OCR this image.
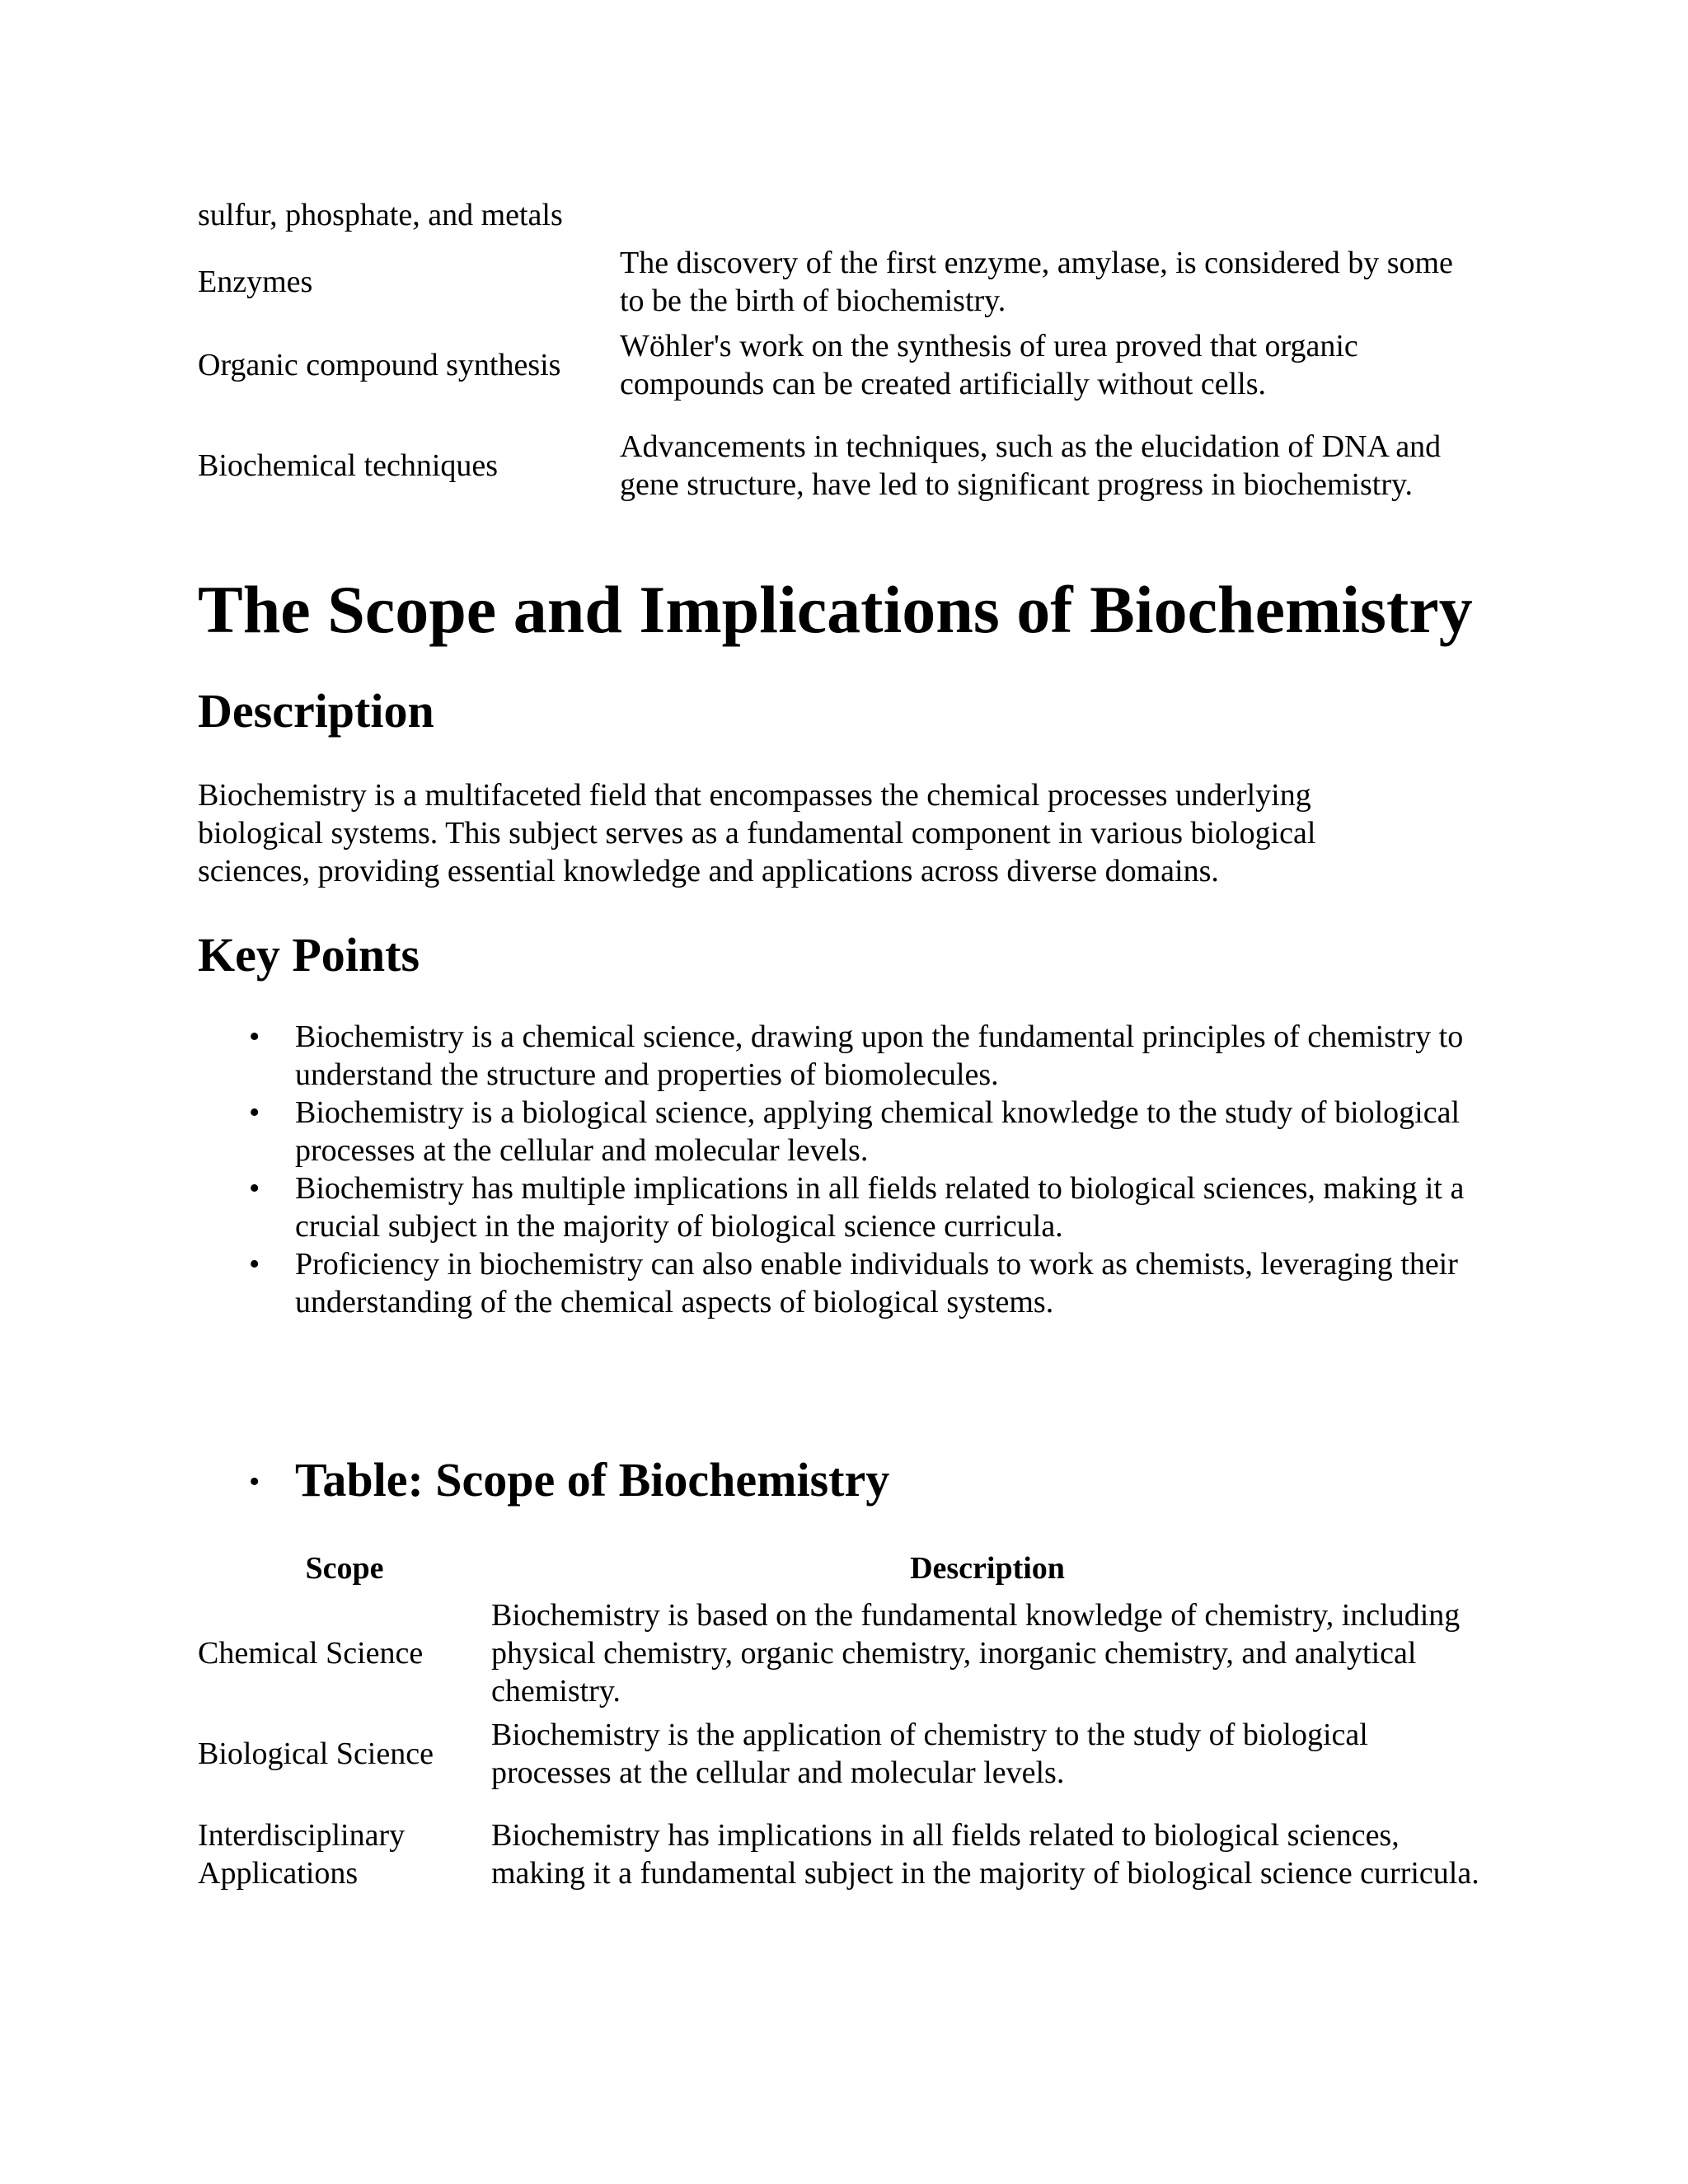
sulfur, phosphate, and metals	
Enzymes	The discovery of the first enzyme, amylase, is considered by some to be the birth of biochemistry.
Organic compound synthesis	Wöhler's work on the synthesis of urea proved that organic compounds can be created artificially without cells.
Biochemical techniques	Advancements in techniques, such as the elucidation of DNA and gene structure, have led to significant progress in biochemistry.
The Scope and Implications of Biochemistry
Description

Biochemistry is a multifaceted field that encompasses the chemical processes underlying biological systems. This subject serves as a fundamental component in various biological sciences, providing essential knowledge and applications across diverse domains.

Key Points
• Biochemistry is a chemical science, drawing upon the fundamental principles of chemistry to understand the structure and properties of biomolecules.
• Biochemistry is a biological science, applying chemical knowledge to the study of biological processes at the cellular and molecular levels.
• Biochemistry has multiple implications in all fields related to biological sciences, making it a crucial subject in the majority of biological science curricula.
• Proficiency in biochemistry can also enable individuals to work as chemists, leveraging their understanding of the chemical aspects of biological systems.
• Table: Scope of Biochemistry
Scope	Description
Chemical Science	Biochemistry is based on the fundamental knowledge of chemistry, including physical chemistry, organic chemistry, inorganic chemistry, and analytical chemistry.
Biological Science	Biochemistry is the application of chemistry to the study of biological processes at the cellular and molecular levels.
Interdisciplinary Applications	Biochemistry has implications in all fields related to biological sciences, making it a fundamental subject in the majority of biological science curricula.
